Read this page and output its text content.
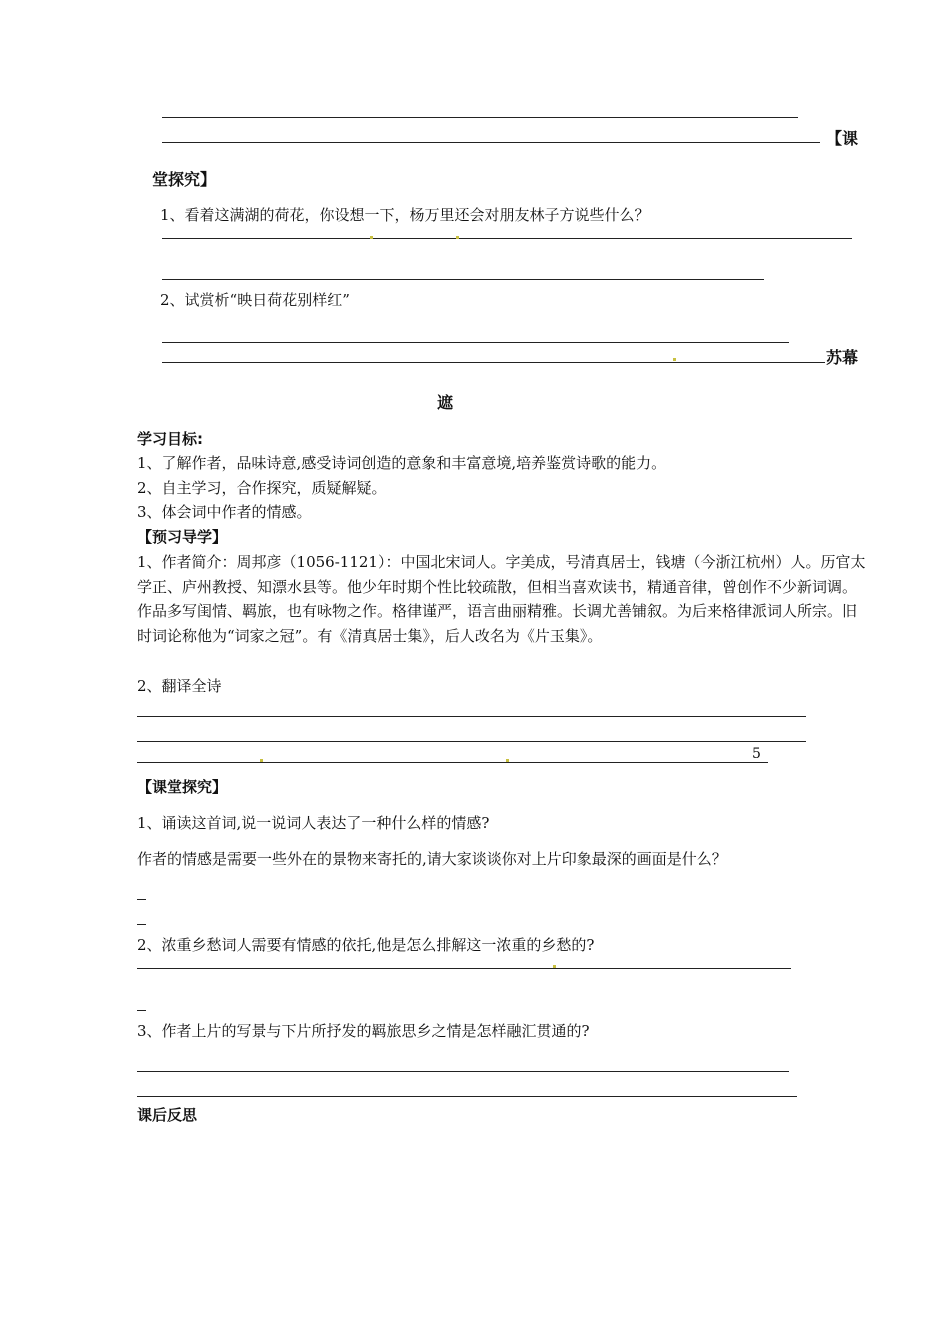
【课
堂探究】
1、看着这满湖的荷花，你设想一下，杨万里还会对朋友林子方说些什么？
2、试赏析“映日荷花别样红”
苏幕
遮
学习目标:
1、了解作者，品味诗意,感受诗词创造的意象和丰富意境,培养鉴赏诗歌的能力。
2、自主学习，合作探究，质疑解疑。
3、体会词中作者的情感。
【预习导学】
1、作者简介：周邦彦（1056-1121）：中国北宋词人。字美成，号清真居士，钱塘（今浙江杭州）人。历官太学正、庐州教授、知漂水县等。他少年时期个性比较疏散，但相当喜欢读书，精通音律，曾创作不少新词调。作品多写闺情、羁旅，也有咏物之作。格律谨严，语言曲丽精雅。长调尤善铺叙。为后来格律派词人所宗。旧时词论称他为“词家之冠”。有《清真居士集》，后人改名为《片玉集》。
2、翻译全诗
5
【课堂探究】
1、诵读这首词,说一说词人表达了一种什么样的情感?
作者的情感是需要一些外在的景物来寄托的,请大家谈谈你对上片印象最深的画面是什么？
2、浓重乡愁词人需要有情感的依托,他是怎么排解这一浓重的乡愁的?
3、作者上片的写景与下片所抒发的羁旅思乡之情是怎样融汇贯通的?
课后反思
